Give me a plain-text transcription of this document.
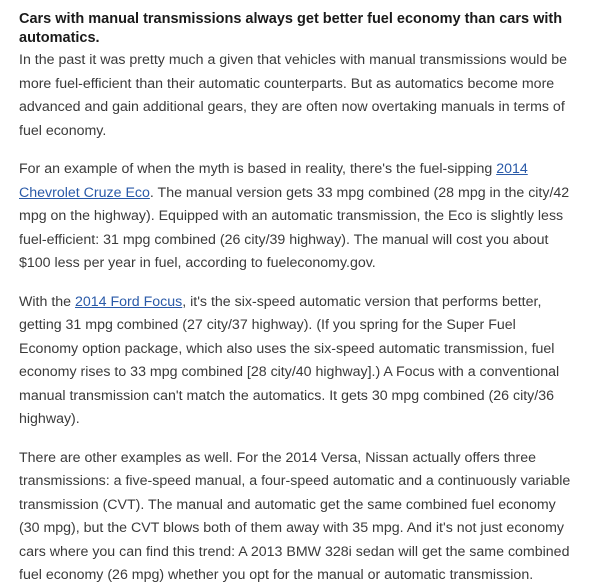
Cars with manual transmissions always get better fuel economy than cars with automatics.

In the past it was pretty much a given that vehicles with manual transmissions would be more fuel-efficient than their automatic counterparts. But as automatics become more advanced and gain additional gears, they are often now overtaking manuals in terms of fuel economy.

For an example of when the myth is based in reality, there's the fuel-sipping 2014 Chevrolet Cruze Eco. The manual version gets 33 mpg combined (28 mpg in the city/42 mpg on the highway). Equipped with an automatic transmission, the Eco is slightly less fuel-efficient: 31 mpg combined (26 city/39 highway). The manual will cost you about $100 less per year in fuel, according to fueleconomy.gov.

With the 2014 Ford Focus, it's the six-speed automatic version that performs better, getting 31 mpg combined (27 city/37 highway). (If you spring for the Super Fuel Economy option package, which also uses the six-speed automatic transmission, fuel economy rises to 33 mpg combined [28 city/40 highway].) A Focus with a conventional manual transmission can't match the automatics. It gets 30 mpg combined (26 city/36 highway).

There are other examples as well. For the 2014 Versa, Nissan actually offers three transmissions: a five-speed manual, a four-speed automatic and a continuously variable transmission (CVT). The manual and automatic get the same combined fuel economy (30 mpg), but the CVT blows both of them away with 35 mpg. And it's not just economy cars where you can find this trend: A 2013 BMW 328i sedan will get the same combined fuel economy (26 mpg) whether you opt for the manual or automatic transmission.
